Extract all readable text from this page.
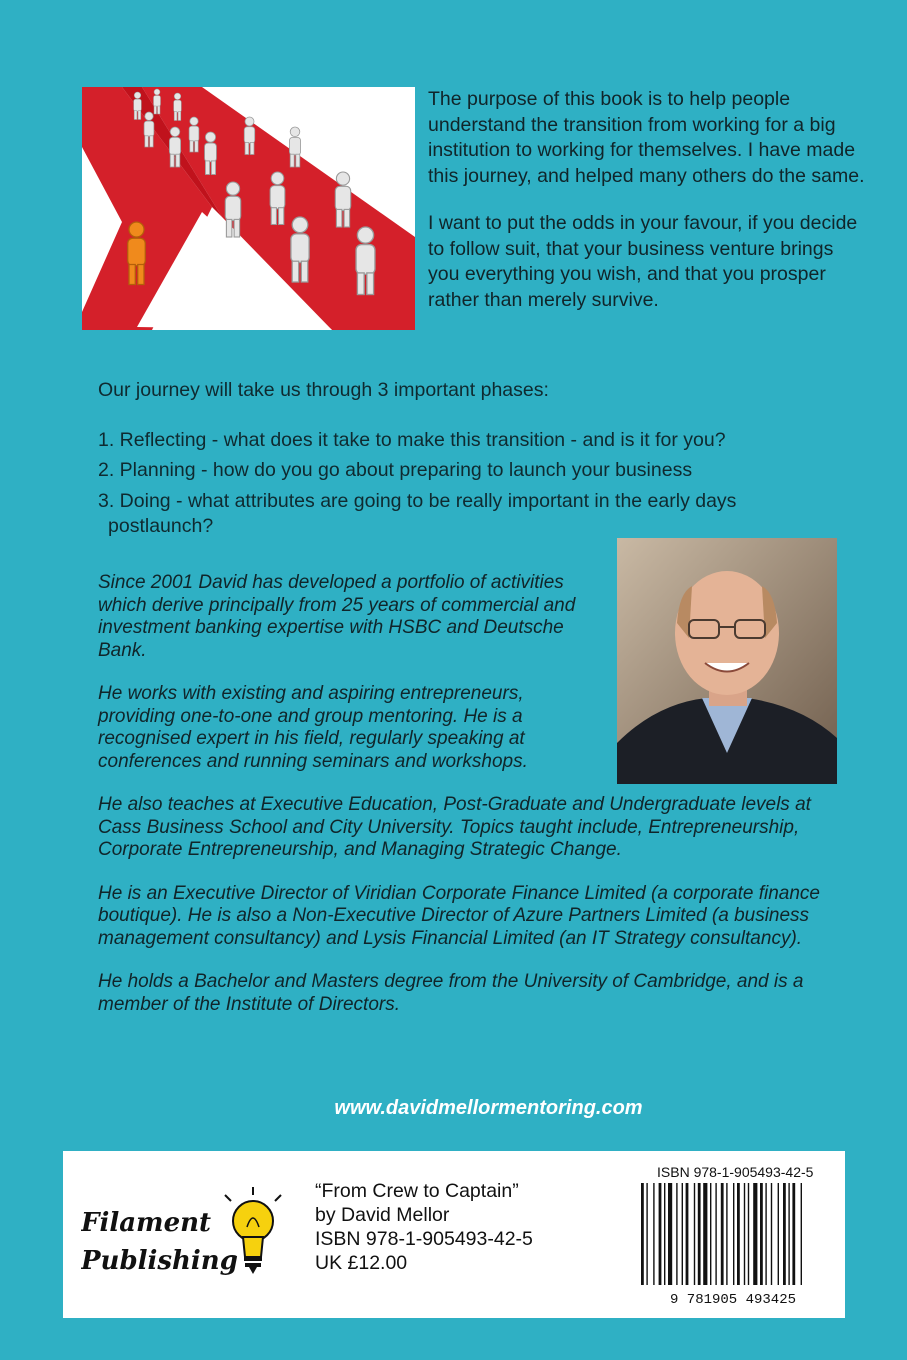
The purpose of this book is to help people understand the transition from working for a big institution to working for themselves. I have made this journey, and helped many others do the same.

I want to put the odds in your favour, if you decide to follow suit, that your business venture brings you everything you wish, and that you prosper rather than merely survive.

Our journey will take us through 3 important phases:
1. Reflecting - what does it take to make this transition - and is it for you?
2. Planning - how do you go about preparing to launch your business
3. Doing - what attributes are going to be really important in the early days
postlaunch?

Since 2001 David has developed a portfolio of activities which derive principally from 25 years of commercial and investment banking expertise with HSBC and Deutsche Bank.

He works with existing and aspiring entrepreneurs, providing one-to-one and group mentoring. He is a recognised expert in his field, regularly speaking at conferences and running seminars and workshops.

He also teaches at Executive Education, Post-Graduate and Undergraduate levels at Cass Business School and City University. Topics taught include, Entrepreneurship, Corporate Entrepreneurship, and Managing Strategic Change.

He is an Executive Director of Viridian Corporate Finance Limited (a corporate finance boutique). He is also a Non-Executive Director of Azure Partners Limited (a business management consultancy) and Lysis Financial Limited (an IT Strategy consultancy).

He holds a Bachelor and Masters degree from the University of Cambridge, and is a member of the Institute of Directors.

www.davidmellormentoring.com
Filament
Publishing
“From Crew to Captain”
by David Mellor
ISBN 978-1-905493-42-5
UK £12.00
ISBN 978-1-905493-42-5
9 781905 493425
